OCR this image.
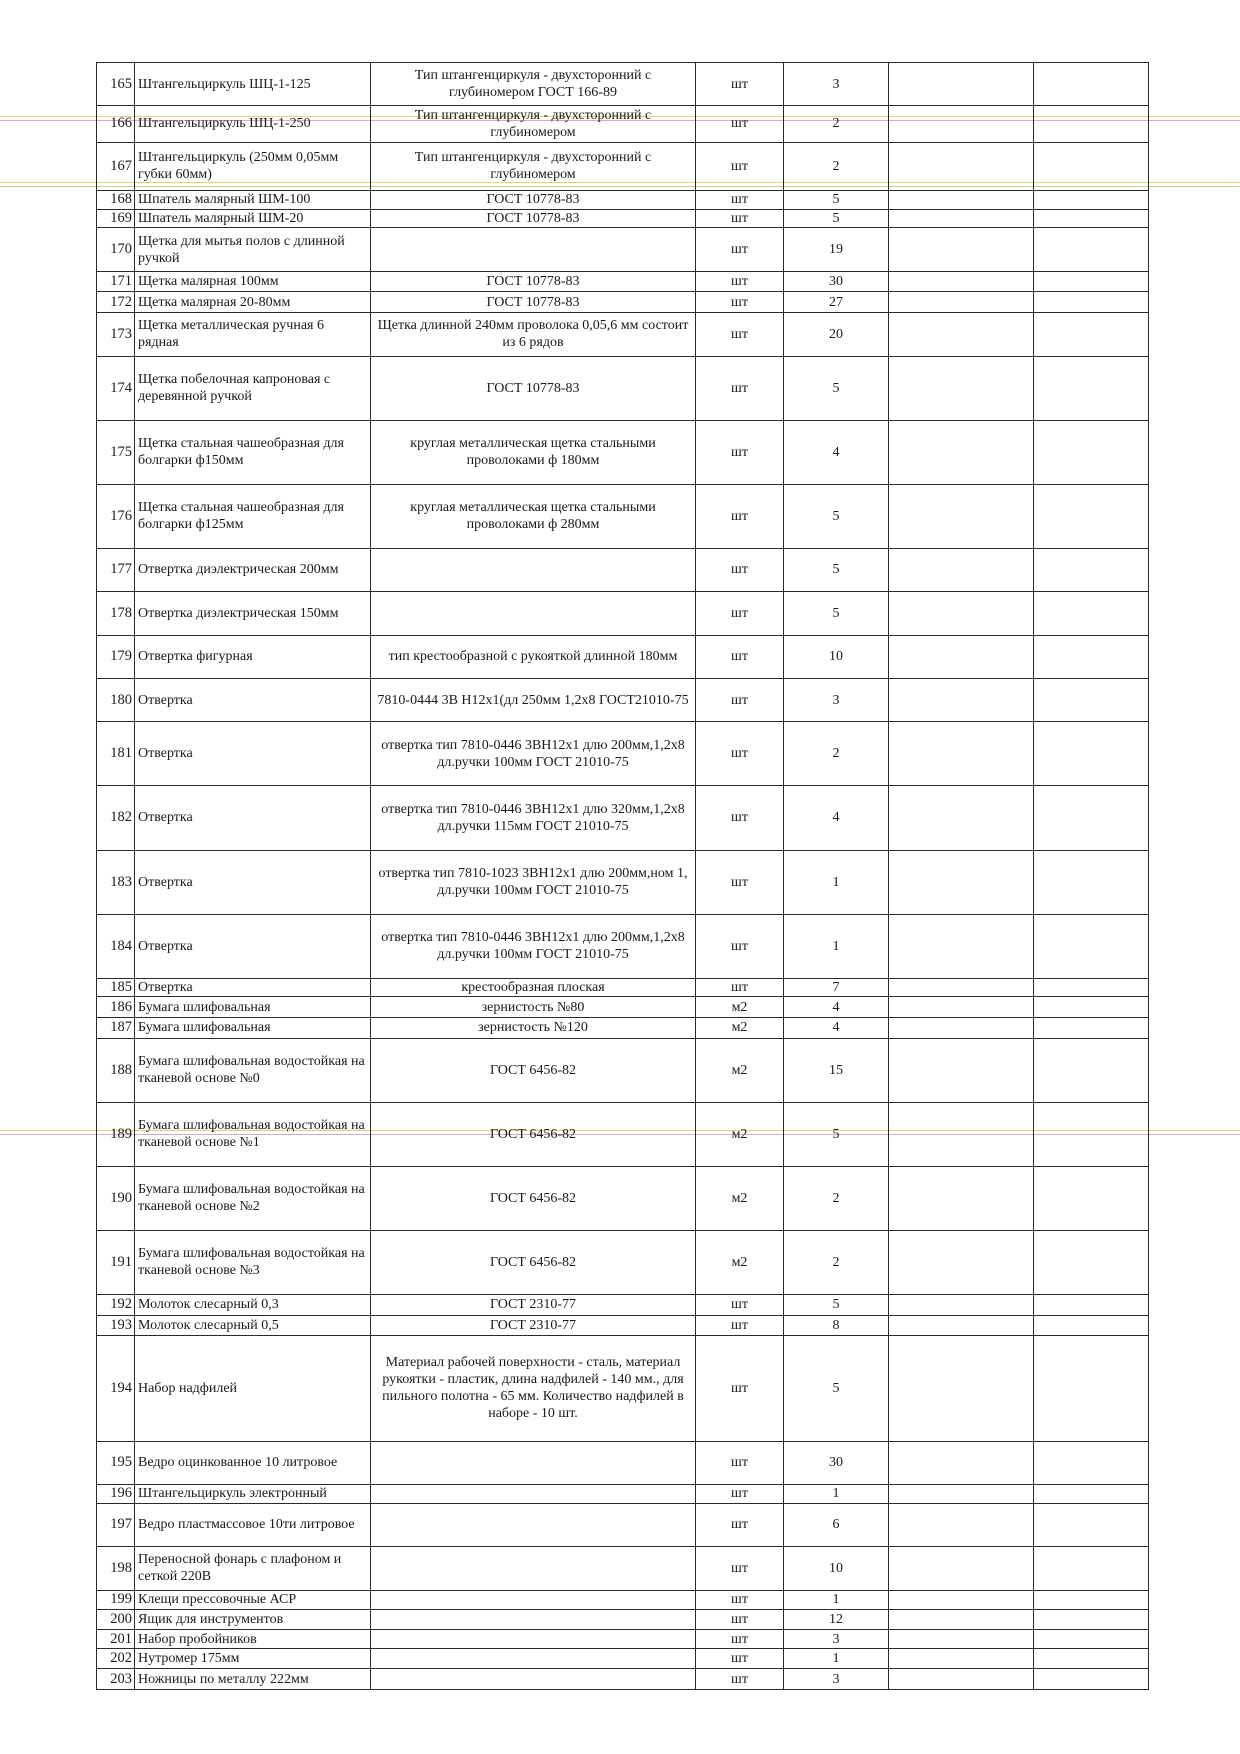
165	Штангельциркуль ШЦ-1-125	Тип штангенциркуля - двухсторонний с глубиномером ГОСТ 166-89	шт	3		
166	Штангельциркуль ШЦ-1-250	Тип штангенциркуля - двухсторонний с глубиномером	шт	2		
167	Штангельциркуль (250мм 0,05мм губки 60мм)	Тип штангенциркуля - двухсторонний с глубиномером	шт	2		
168	Шпатель малярный ШМ-100	ГОСТ 10778-83	шт	5		
169	Шпатель малярный ШМ-20	ГОСТ 10778-83	шт	5		
170	Щетка для мытья полов с длинной ручкой		шт	19		
171	Щетка малярная 100мм	ГОСТ 10778-83	шт	30		
172	Щетка малярная 20-80мм	ГОСТ 10778-83	шт	27		
173	Щетка металлическая ручная 6 рядная	Щетка длинной 240мм проволока 0,05,6 мм состоит из 6 рядов	шт	20		
174	Щетка побелочная капроновая с деревянной ручкой	ГОСТ 10778-83	шт	5		
175	Щетка стальная чашеобразная для болгарки ф150мм	круглая металлическая щетка стальными проволоками ф 180мм	шт	4		
176	Щетка стальная чашеобразная для болгарки ф125мм	круглая металлическая щетка стальными проволоками ф 280мм	шт	5		
177	Отвертка диэлектрическая 200мм		шт	5		
178	Отвертка диэлектрическая 150мм		шт	5		
179	Отвертка фигурная	тип крестообразной с рукояткой длинной 180мм	шт	10		
180	Отвертка	7810-0444 3В Н12х1(дл 250мм 1,2х8 ГОСТ21010-75	шт	3		
181	Отвертка	отвертка тип 7810-0446 3ВН12х1 длю 200мм,1,2х8 дл.ручки 100мм ГОСТ 21010-75	шт	2		
182	Отвертка	отвертка тип 7810-0446 3ВН12х1 длю 320мм,1,2х8 дл.ручки 115мм ГОСТ 21010-75	шт	4		
183	Отвертка	отвертка тип 7810-1023 3ВН12х1 длю 200мм,ном 1, дл.ручки 100мм ГОСТ 21010-75	шт	1		
184	Отвертка	отвертка тип 7810-0446 3ВН12х1 длю 200мм,1,2х8 дл.ручки 100мм ГОСТ 21010-75	шт	1		
185	Отвертка	крестообразная плоская	шт	7		
186	Бумага шлифовальная	зернистость №80	м2	4		
187	Бумага шлифовальная	зернистость №120	м2	4		
188	Бумага шлифовальная водостойкая на тканевой основе №0	ГОСТ 6456-82	м2	15		
189	Бумага шлифовальная водостойкая на тканевой основе №1	ГОСТ 6456-82	м2	5		
190	Бумага шлифовальная водостойкая на тканевой основе №2	ГОСТ 6456-82	м2	2		
191	Бумага шлифовальная водостойкая на тканевой основе №3	ГОСТ 6456-82	м2	2		
192	Молоток слесарный 0,3	ГОСТ 2310-77	шт	5		
193	Молоток слесарный 0,5	ГОСТ 2310-77	шт	8		
194	Набор надфилей	Материал рабочей поверхности - сталь, материал рукоятки - пластик, длина надфилей - 140 мм., для пильного полотна - 65 мм. Количество надфилей в наборе - 10 шт.	шт	5		
195	Ведро оцинкованное 10 литровое		шт	30		
196	Штангельциркуль электронный		шт	1		
197	Ведро пластмассовое 10ти литровое		шт	6		
198	Переносной фонарь с плафоном и сеткой 220В		шт	10		
199	Клещи прессовочные АСР		шт	1		
200	Ящик для инструментов		шт	12		
201	Набор пробойников		шт	3		
202	Нутромер 175мм		шт	1		
203	Ножницы по металлу 222мм		шт	3		
